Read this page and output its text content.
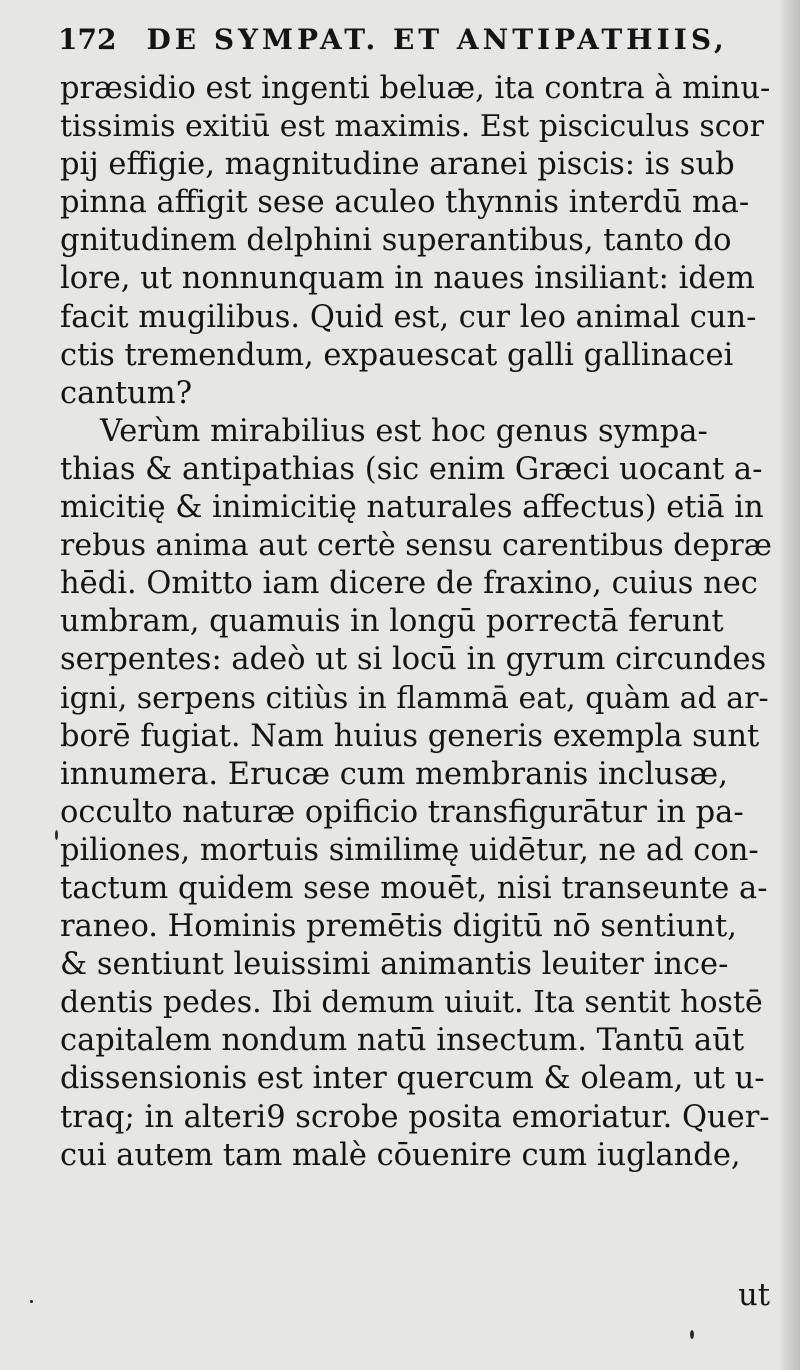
172 DE SYMPAT. ET ANTIPATHIIS,
præsidio est ingenti beluæ, ita contra à minu-
tissimis exitiū est maximis. Est pisciculus scor
pij effigie, magnitudine aranei piscis: is sub
pinna affigit sese aculeo thynnis interdū ma-
gnitudinem delphini superantibus, tanto do
lore, ut nonnunquam in naues insiliant: idem
facit mugilibus. Quid est, cur leo animal cun-
ctis tremendum, expauescat galli gallinacei
cantum?
Verùm mirabilius est hoc genus sympa-
thias & antipathias (sic enim Græci uocant a-
micitię & inimicitię naturales affectus) etiā in
rebus anima aut certè sensu carentibus depræ
hēdi. Omitto iam dicere de fraxino, cuius nec
umbram, quamuis in longū porrectā ferunt
serpentes: adeò ut si locū in gyrum circundes
igni, serpens citiùs in flammā eat, quàm ad ar-
borē fugiat. Nam huius generis exempla sunt
innumera. Erucæ cum membranis inclusæ,
occulto naturæ opificio transfigurātur in pa-
piliones, mortuis similimę uidētur, ne ad con-
tactum quidem sese mouēt, nisi transeunte a-
raneo. Hominis premētis digitū nō sentiunt,
& sentiunt leuissimi animantis leuiter ince-
dentis pedes. Ibi demum uiuit. Ita sentit hostē
capitalem nondum natū insectum. Tantū aūt
dissensionis est inter quercum & oleam, ut u-
traq; in alteri9 scrobe posita emoriatur. Quer-
cui autem tam malè cōuenire cum iuglande,
ut
